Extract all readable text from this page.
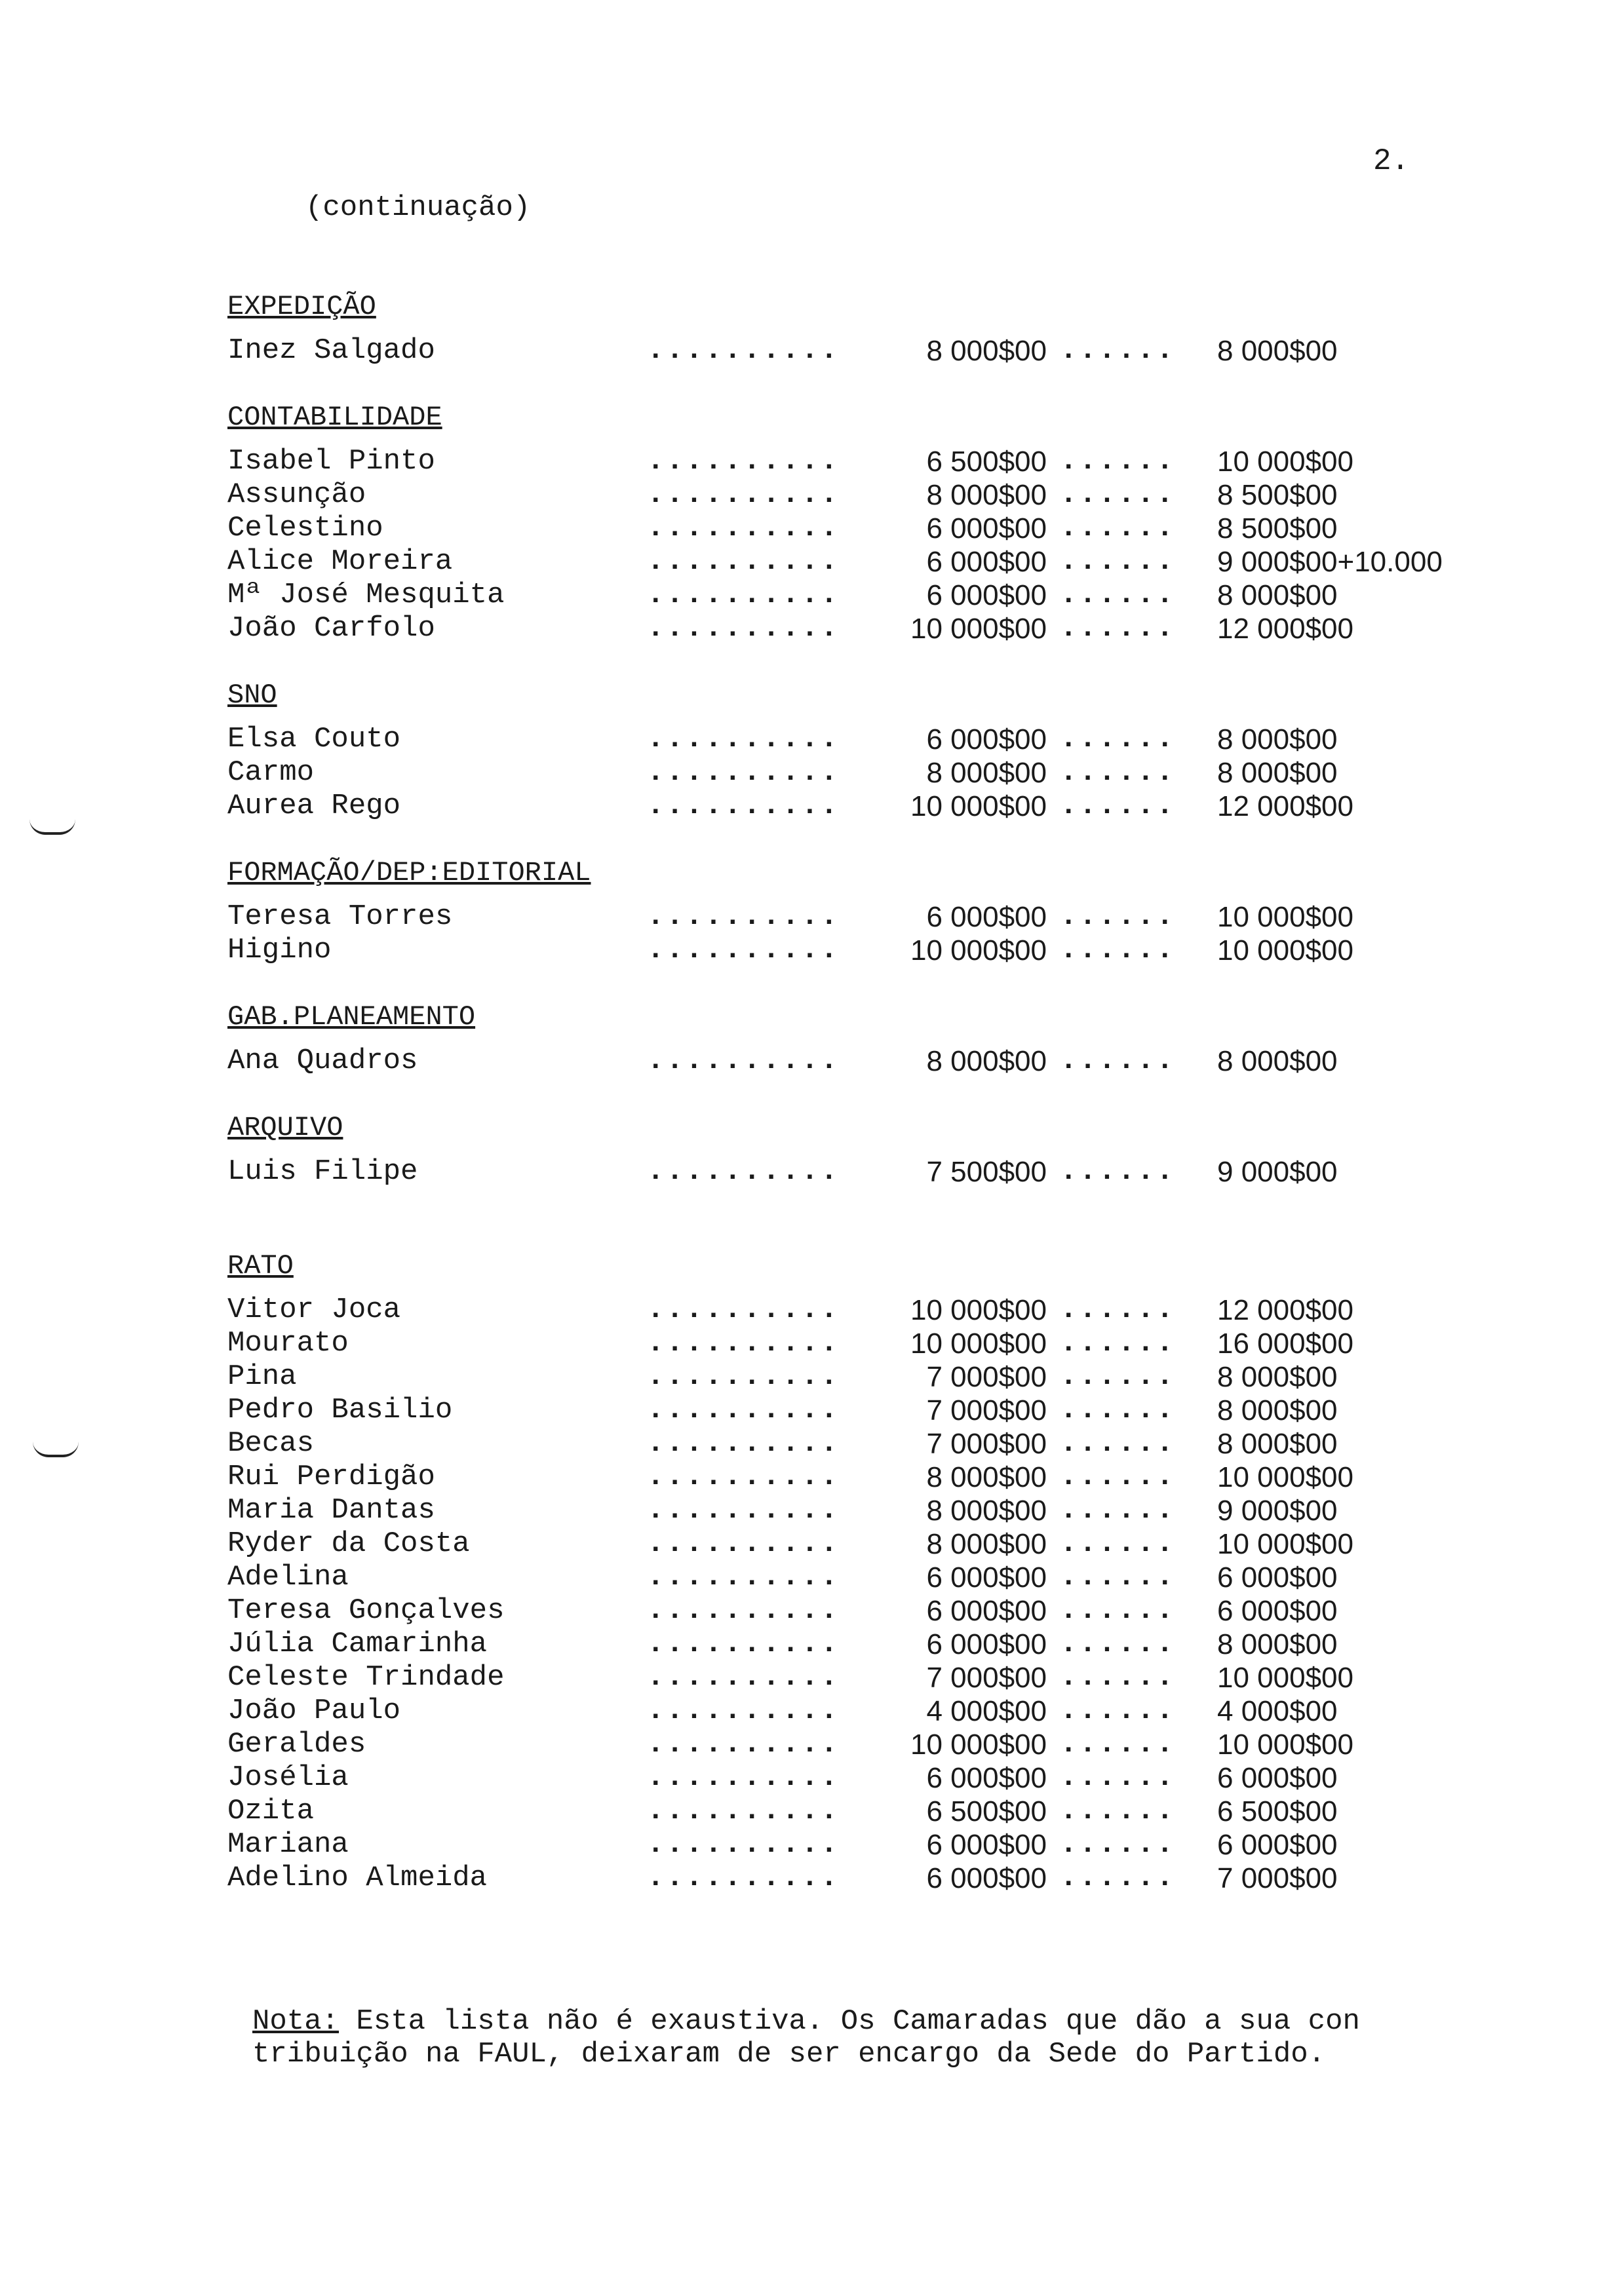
2.
(continuação)
EXPEDIÇÃO
Inez Salgado	..........	8 000$00 ......	8 000$00
CONTABILIDADE
Isabel Pinto	..........	6 500$00 ......	10 000$00
Assunção	..........	8 000$00 ......	8 500$00
Celestino	..........	6 000$00 ......	8 500$00
Alice Moreira	..........	6 000$00 ......	9 000$00+10.000
Mª José Mesquita	..........	6 000$00 ......	8 000$00
João Carfolo	..........	10 000$00 ......	12 000$00
SNO
Elsa Couto	..........	6 000$00 ......	8 000$00
Carmo	..........	8 000$00 ......	8 000$00
Aurea Rego	..........	10 000$00 ......	12 000$00
FORMAÇÃO/DEP:EDITORIAL
Teresa Torres	..........	6 000$00 ......	10 000$00
Higino	..........	10 000$00 ......	10 000$00
GAB.PLANEAMENTO
Ana Quadros	..........	8 000$00 ......	8 000$00
ARQUIVO
Luis Filipe	..........	7 500$00 ......	9 000$00
RATO
Vitor Joca	..........	10 000$00 ......	12 000$00
Mourato	..........	10 000$00 ......	16 000$00
Pina	..........	7 000$00 ......	8 000$00
Pedro Basilio	..........	7 000$00 ......	8 000$00
Becas	..........	7 000$00 ......	8 000$00
Rui Perdigão	..........	8 000$00 ......	10 000$00
Maria Dantas	..........	8 000$00 ......	9 000$00
Ryder da Costa	..........	8 000$00 ......	10 000$00
Adelina	..........	6 000$00 ......	6 000$00
Teresa Gonçalves	..........	6 000$00 ......	6 000$00
Júlia Camarinha	..........	6 000$00 ......	8 000$00
Celeste Trindade	..........	7 000$00 ......	10 000$00
João Paulo	..........	4 000$00 ......	4 000$00
Geraldes	..........	10 000$00 ......	10 000$00
Josélia	..........	6 000$00 ......	6 000$00
Ozita	..........	6 500$00 ......	6 500$00
Mariana	..........	6 000$00 ......	6 000$00
Adelino Almeida	..........	6 000$00 ......	7 000$00
Nota: Esta lista não é exaustiva. Os Camaradas que dão a sua con
tribuição na FAUL, deixaram de ser encargo da Sede do Partido.
